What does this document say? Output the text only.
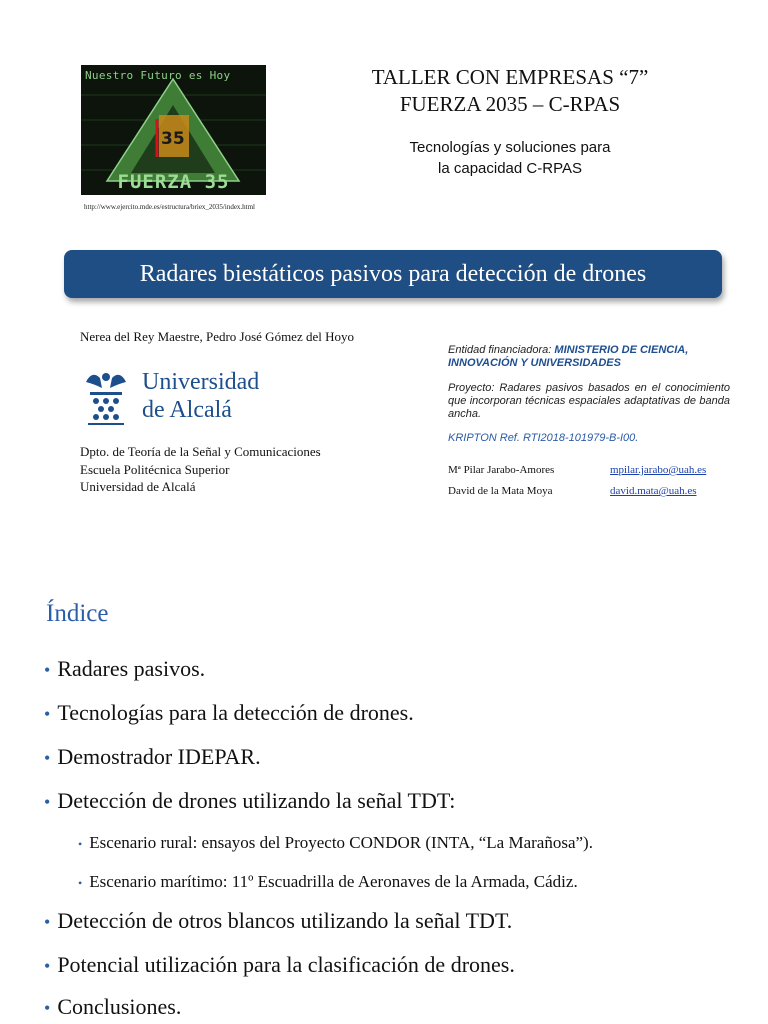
Nuestro Futuro es Hoy
35
FUERZA 35
http://www.ejercito.mde.es/estructura/briex_2035/index.html
TALLER CON EMPRESAS “7”
FUERZA 2035 – C-RPAS
Tecnologías y soluciones para
la capacidad C-RPAS
Radares biestáticos pasivos para detección de drones
Nerea del Rey Maestre, Pedro José Gómez del Hoyo
Universidad
de Alcalá
Dpto. de Teoría de la Señal y Comunicaciones
Escuela Politécnica Superior
Universidad de Alcalá
Entidad financiadora: MINISTERIO DE CIENCIA, INNOVACIÓN Y UNIVERSIDADES
Proyecto: Radares pasivos basados en el conocimiento que incorporan técnicas espaciales adaptativas de banda ancha.
KRIPTON Ref. RTI2018-101979-B-I00.
Mª Pilar Jarabo-Amores	mpilar.jarabo@uah.es
David de la Mata Moya	david.mata@uah.es
Índice
• Radares pasivos.
• Tecnologías para la detección de drones.
• Demostrador IDEPAR.
• Detección de drones utilizando la señal TDT:
• Escenario rural: ensayos del Proyecto CONDOR (INTA, “La Marañosa”).
• Escenario marítimo: 11º Escuadrilla de Aeronaves de la Armada, Cádiz.
• Detección de otros blancos utilizando la señal TDT.
• Potencial utilización para la clasificación de drones.
• Conclusiones.
